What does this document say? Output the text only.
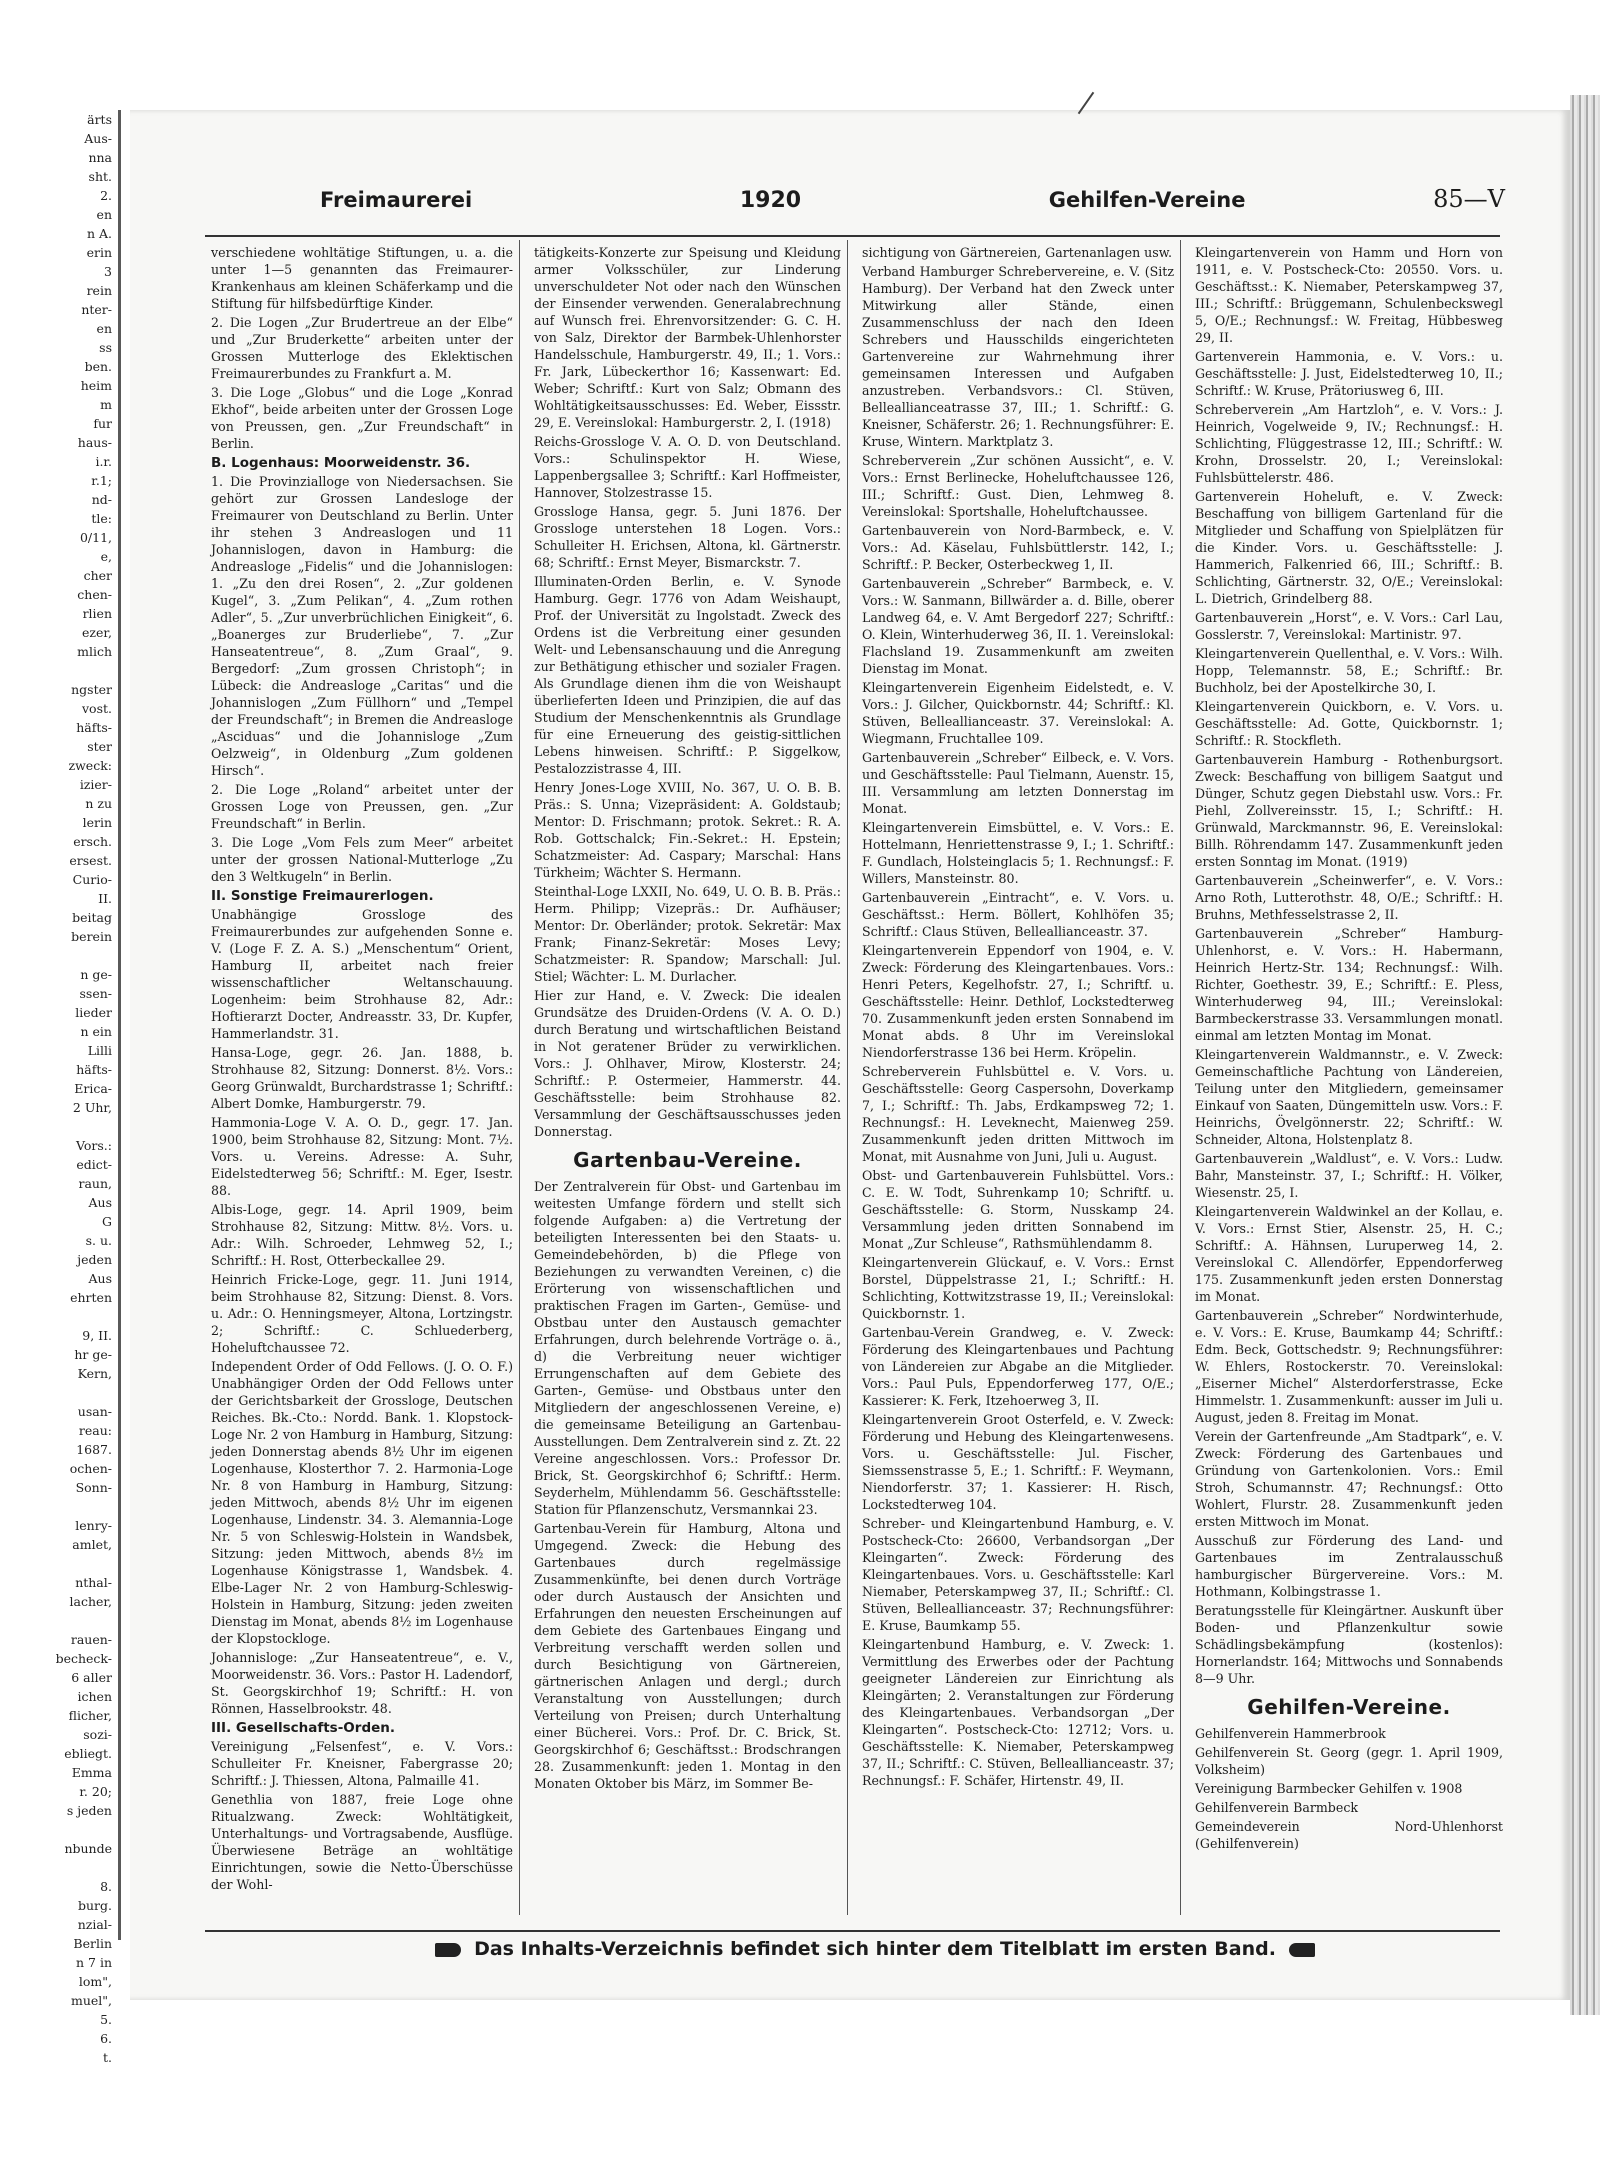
ärts
Aus-
nna
sht.
2.
en
n A.
erin
3
rein
nter-
en
ss
ben.
heim
m
fur
haus-
i.r.
r.1;
nd-
tle:
0/11,
e,
cher
chen-
rlien
ezer,
mlich

ngster
vost.
häfts-
ster
zweck:
izier-
n zu
lerin
ersch.
ersest.
Curio-
II.
beitag
berein

n ge-
ssen-
lieder
n ein
Lilli
häfts-
Erica-
2 Uhr,

Vors.:
edict-
raun,
Aus
G
s. u.
jeden
Aus
ehrten

9, II.
hr ge-
Kern,

usan-
reau:
1687.
ochen-
Sonn-

lenry-
amlet,

nthal-
lacher,

rauen-
becheck-
6 aller
ichen
flicher,
sozi-
ebliegt.
Emma
r. 20;
s jeden

nbunde

8.
burg.
nzial-
Berlin
n 7 in
lom",
muel",
5.
6.
t.
Freimaurerei	1920	Gehilfen-Vereine	85—V

verschiedene wohltätige Stiftungen, u. a. die unter 1—5 genannten das Freimaurer-Krankenhaus am kleinen Schäferkamp und die Stiftung für hilfsbedürftige Kinder.

2. Die Logen „Zur Brudertreue an der Elbe“ und „Zur Bruderkette“ arbeiten unter der Grossen Mutterloge des Eklektischen Freimaurerbundes zu Frankfurt a. M.

3. Die Loge „Globus“ und die Loge „Konrad Ekhof“, beide arbeiten unter der Grossen Loge von Preussen, gen. „Zur Freundschaft“ in Berlin.

B. Logenhaus: Moorweidenstr. 36.

1. Die Provinzialloge von Niedersachsen. Sie gehört zur Grossen Landesloge der Freimaurer von Deutschland zu Berlin. Unter ihr stehen 3 Andreaslogen und 11 Johannislogen, davon in Hamburg: die Andreasloge „Fidelis“ und die Johannislogen: 1. „Zu den drei Rosen“, 2. „Zur goldenen Kugel“, 3. „Zum Pelikan“, 4. „Zum rothen Adler“, 5. „Zur unverbrüchlichen Einigkeit“, 6. „Boanerges zur Bruderliebe“, 7. „Zur Hanseatentreue“, 8. „Zum Graal“, 9. Bergedorf: „Zum grossen Christoph“; in Lübeck: die Andreasloge „Caritas“ und die Johannislogen „Zum Füllhorn“ und „Tempel der Freundschaft“; in Bremen die Andreasloge „Asciduas“ und die Johannisloge „Zum Oelzweig“, in Oldenburg „Zum goldenen Hirsch“.

2. Die Loge „Roland“ arbeitet unter der Grossen Loge von Preussen, gen. „Zur Freundschaft“ in Berlin.

3. Die Loge „Vom Fels zum Meer“ arbeitet unter der grossen National-Mutterloge „Zu den 3 Weltkugeln“ in Berlin.

II. Sonstige Freimaurerlogen.

Unabhängige Grossloge des Freimaurerbundes zur aufgehenden Sonne e. V. (Loge F. Z. A. S.) „Menschentum“ Orient, Hamburg II, arbeitet nach freier wissenschaftlicher Weltanschauung. Logenheim: beim Strohhause 82, Adr.: Hoftierarzt Docter, Andreasstr. 33, Dr. Kupfer, Hammerlandstr. 31.

Hansa-Loge, gegr. 26. Jan. 1888, b. Strohhause 82, Sitzung: Donnerst. 8½. Vors.: Georg Grünwaldt, Burchardstrasse 1; Schriftf.: Albert Domke, Hamburgerstr. 79.

Hammonia-Loge V. A. O. D., gegr. 17. Jan. 1900, beim Strohhause 82, Sitzung: Mont. 7½. Vors. u. Vereins. Adresse: A. Suhr, Eidelstedterweg 56; Schriftf.: M. Eger, Isestr. 88.

Albis-Loge, gegr. 14. April 1909, beim Strohhause 82, Sitzung: Mittw. 8½. Vors. u. Adr.: Wilh. Schroeder, Lehmweg 52, I.; Schriftf.: H. Rost, Otterbeckallee 29.

Heinrich Fricke-Loge, gegr. 11. Juni 1914, beim Strohhause 82, Sitzung: Dienst. 8. Vors. u. Adr.: O. Henningsmeyer, Altona, Lortzingstr. 2; Schriftf.: C. Schluederberg, Hoheluftchaussee 72.

Independent Order of Odd Fellows. (J. O. O. F.) Unabhängiger Orden der Odd Fellows unter der Gerichtsbarkeit der Grossloge, Deutschen Reiches. Bk.-Cto.: Nordd. Bank. 1. Klopstock-Loge Nr. 2 von Hamburg in Hamburg, Sitzung: jeden Donnerstag abends 8½ Uhr im eigenen Logenhause, Klosterthor 7. 2. Harmonia-Loge Nr. 8 von Hamburg in Hamburg, Sitzung: jeden Mittwoch, abends 8½ Uhr im eigenen Logenhause, Lindenstr. 34. 3. Alemannia-Loge Nr. 5 von Schleswig-Holstein in Wandsbek, Sitzung: jeden Mittwoch, abends 8½ im Logenhause Königstrasse 1, Wandsbek. 4. Elbe-Lager Nr. 2 von Hamburg-Schleswig-Holstein in Hamburg, Sitzung: jeden zweiten Dienstag im Monat, abends 8½ im Logenhause der Klopstockloge.

Johannisloge: „Zur Hanseatentreue“, e. V., Moorweidenstr. 36. Vors.: Pastor H. Ladendorf, St. Georgskirchhof 19; Schriftf.: H. von Rönnen, Hasselbrookstr. 48.

III. Gesellschafts-Orden.

Vereinigung „Felsenfest“, e. V. Vors.: Schulleiter Fr. Kneisner, Fabergrasse 20; Schriftf.: J. Thiessen, Altona, Palmaille 41.

Genethlia von 1887, freie Loge ohne Ritualzwang. Zweck: Wohltätigkeit, Unterhaltungs- und Vortragsabende, Ausflüge. Überwiesene Beträge an wohltätige Einrichtungen, sowie die Netto-Überschüsse der Wohl-

tätigkeits-Konzerte zur Speisung und Kleidung armer Volksschüler, zur Linderung unverschuldeter Not oder nach den Wünschen der Einsender verwenden. Generalabrechnung auf Wunsch frei. Ehrenvorsitzender: G. C. H. von Salz, Direktor der Barmbek-Uhlenhorster Handelsschule, Hamburgerstr. 49, II.; 1. Vors.: Fr. Jark, Lübeckerthor 16; Kassenwart: Ed. Weber; Schriftf.: Kurt von Salz; Obmann des Wohltätigkeitsausschusses: Ed. Weber, Eissstr. 29, E. Vereinslokal: Hamburgerstr. 2, I. (1918)

Reichs-Grossloge V. A. O. D. von Deutschland. Vors.: Schulinspektor H. Wiese, Lappenbergsallee 3; Schriftf.: Karl Hoffmeister, Hannover, Stolzestrasse 15.

Grossloge Hansa, gegr. 5. Juni 1876. Der Grossloge unterstehen 18 Logen. Vors.: Schulleiter H. Erichsen, Altona, kl. Gärtnerstr. 68; Schriftf.: Ernst Meyer, Bismarckstr. 7.

Illuminaten-Orden Berlin, e. V. Synode Hamburg. Gegr. 1776 von Adam Weishaupt, Prof. der Universität zu Ingolstadt. Zweck des Ordens ist die Verbreitung einer gesunden Welt- und Lebensanschauung und die Anregung zur Bethätigung ethischer und sozialer Fragen. Als Grundlage dienen ihm die von Weishaupt überlieferten Ideen und Prinzipien, die auf das Studium der Menschenkenntnis als Grundlage für eine Erneuerung des geistig-sittlichen Lebens hinweisen. Schriftf.: P. Siggelkow, Pestalozzistrasse 4, III.

Henry Jones-Loge XVIII, No. 367, U. O. B. B. Präs.: S. Unna; Vizepräsident: A. Goldstaub; Mentor: D. Frischmann; protok. Sekret.: R. A. Rob. Gottschalck; Fin.-Sekret.: H. Epstein; Schatzmeister: Ad. Caspary; Marschal: Hans Türkheim; Wächter S. Hermann.

Steinthal-Loge LXXII, No. 649, U. O. B. B. Präs.: Herm. Philipp; Vizepräs.: Dr. Aufhäuser; Mentor: Dr. Oberländer; protok. Sekretär: Max Frank; Finanz-Sekretär: Moses Levy; Schatzmeister: R. Spandow; Marschall: Jul. Stiel; Wächter: L. M. Durlacher.

Hier zur Hand, e. V. Zweck: Die idealen Grundsätze des Druiden-Ordens (V. A. O. D.) durch Beratung und wirtschaftlichen Beistand in Not geratener Brüder zu verwirklichen. Vors.: J. Ohlhaver, Mirow, Klosterstr. 24; Schriftf.: P. Ostermeier, Hammerstr. 44. Geschäftsstelle: beim Strohhause 82. Versammlung der Geschäftsausschusses jeden Donnerstag.

Gartenbau-Vereine.

Der Zentralverein für Obst- und Gartenbau im weitesten Umfange fördern und stellt sich folgende Aufgaben: a) die Vertretung der beteiligten Interessenten bei den Staats- u. Gemeindebehörden, b) die Pflege von Beziehungen zu verwandten Vereinen, c) die Erörterung von wissenschaftlichen und praktischen Fragen im Garten-, Gemüse- und Obstbau unter den Austausch gemachter Erfahrungen, durch belehrende Vorträge o. ä., d) die Verbreitung neuer wichtiger Errungenschaften auf dem Gebiete des Garten-, Gemüse- und Obstbaus unter den Mitgliedern der angeschlossenen Vereine, e) die gemeinsame Beteiligung an Gartenbau-Ausstellungen. Dem Zentralverein sind z. Zt. 22 Vereine angeschlossen. Vors.: Professor Dr. Brick, St. Georgskirchhof 6; Schriftf.: Herm. Seyderhelm, Mühlendamm 56. Geschäftsstelle: Station für Pflanzenschutz, Versmannkai 23.

Gartenbau-Verein für Hamburg, Altona und Umgegend. Zweck: die Hebung des Gartenbaues durch regelmässige Zusammenkünfte, bei denen durch Vorträge oder durch Austausch der Ansichten und Erfahrungen den neuesten Erscheinungen auf dem Gebiete des Gartenbaues Eingang und Verbreitung verschafft werden sollen und durch Besichtigung von Gärtnereien, gärtnerischen Anlagen und dergl.; durch Veranstaltung von Ausstellungen; durch Verteilung von Preisen; durch Unterhaltung einer Bücherei. Vors.: Prof. Dr. C. Brick, St. Georgskirchhof 6; Geschäftsst.: Brodschrangen 28. Zusammenkunft: jeden 1. Montag in den Monaten Oktober bis März, im Sommer Be-

sichtigung von Gärtnereien, Gartenanlagen usw.

Verband Hamburger Schrebervereine, e. V. (Sitz Hamburg). Der Verband hat den Zweck unter Mitwirkung aller Stände, einen Zusammenschluss der nach den Ideen Schrebers und Hausschilds eingerichteten Gartenvereine zur Wahrnehmung ihrer gemeinsamen Interessen und Aufgaben anzustreben. Verbandsvors.: Cl. Stüven, Belleallianceatrasse 37, III.; 1. Schriftf.: G. Kneisner, Schäferstr. 26; 1. Rechnungsführer: E. Kruse, Wintern. Marktplatz 3.

Schreberverein „Zur schönen Aussicht“, e. V. Vors.: Ernst Berlinecke, Hoheluftchaussee 126, III.; Schriftf.: Gust. Dien, Lehmweg 8. Vereinslokal: Sportshalle, Hoheluftchaussee.

Gartenbauverein von Nord-Barmbeck, e. V. Vors.: Ad. Käselau, Fuhlsbüttlerstr. 142, I.; Schriftf.: P. Becker, Osterbeckweg 1, II.

Gartenbauverein „Schreber“ Barmbeck, e. V. Vors.: W. Sanmann, Billwärder a. d. Bille, oberer Landweg 64, e. V. Amt Bergedorf 227; Schriftf.: O. Klein, Winterhuderweg 36, II. 1. Vereinslokal: Flachsland 19. Zusammenkunft am zweiten Dienstag im Monat.

Kleingartenverein Eigenheim Eidelstedt, e. V. Vors.: J. Gilcher, Quickbornstr. 44; Schriftf.: Kl. Stüven, Belleallianceastr. 37. Vereinslokal: A. Wiegmann, Fruchtallee 109.

Gartenbauverein „Schreber“ Eilbeck, e. V. Vors. und Geschäftsstelle: Paul Tielmann, Auenstr. 15, III. Versammlung am letzten Donnerstag im Monat.

Kleingartenverein Eimsbüttel, e. V. Vors.: E. Hottelmann, Henriettenstrasse 9, I.; 1. Schriftf.: F. Gundlach, Holsteinglacis 5; 1. Rechnungsf.: F. Willers, Mansteinstr. 80.

Gartenbauverein „Eintracht“, e. V. Vors. u. Geschäftsst.: Herm. Böllert, Kohlhöfen 35; Schriftf.: Claus Stüven, Belleallianceastr. 37.

Kleingartenverein Eppendorf von 1904, e. V. Zweck: Förderung des Kleingartenbaues. Vors.: Henri Peters, Kegelhofstr. 27, I.; Schriftf. u. Geschäftsstelle: Heinr. Dethlof, Lockstedterweg 70. Zusammenkunft jeden ersten Sonnabend im Monat abds. 8 Uhr im Vereinslokal Niendorferstrasse 136 bei Herm. Kröpelin.

Schreberverein Fuhlsbüttel e. V. Vors. u. Geschäftsstelle: Georg Caspersohn, Doverkamp 7, I.; Schriftf.: Th. Jabs, Erdkampsweg 72; 1. Rechnungsf.: H. Leveknecht, Maienweg 259. Zusammenkunft jeden dritten Mittwoch im Monat, mit Ausnahme von Juni, Juli u. August.

Obst- und Gartenbauverein Fuhlsbüttel. Vors.: C. E. W. Todt, Suhrenkamp 10; Schriftf. u. Geschäftsstelle: G. Storm, Nusskamp 24. Versammlung jeden dritten Sonnabend im Monat „Zur Schleuse“, Rathsmühlendamm 8.

Kleingartenverein Glückauf, e. V. Vors.: Ernst Borstel, Düppelstrasse 21, I.; Schriftf.: H. Schlichting, Kottwitzstrasse 19, II.; Vereinslokal: Quickbornstr. 1.

Gartenbau-Verein Grandweg, e. V. Zweck: Förderung des Kleingartenbaues und Pachtung von Ländereien zur Abgabe an die Mitglieder. Vors.: Paul Puls, Eppendorferweg 177, O/E.; Kassierer: K. Ferk, Itzehoerweg 3, II.

Kleingartenverein Groot Osterfeld, e. V. Zweck: Förderung und Hebung des Kleingartenwesens. Vors. u. Geschäftsstelle: Jul. Fischer, Siemssenstrasse 5, E.; 1. Schriftf.: F. Weymann, Niendorferstr. 37; 1. Kassierer: H. Risch, Lockstedterweg 104.

Schreber- und Kleingartenbund Hamburg, e. V. Postscheck-Cto: 26600, Verbandsorgan „Der Kleingarten“. Zweck: Förderung des Kleingartenbaues. Vors. u. Geschäftsstelle: Karl Niemaber, Peterskampweg 37, II.; Schriftf.: Cl. Stüven, Belleallianceastr. 37; Rechnungsführer: E. Kruse, Baumkamp 55.

Kleingartenbund Hamburg, e. V. Zweck: 1. Vermittlung des Erwerbes oder der Pachtung geeigneter Ländereien zur Einrichtung als Kleingärten; 2. Veranstaltungen zur Förderung des Kleingartenbaues. Verbandsorgan „Der Kleingarten“. Postscheck-Cto: 12712; Vors. u. Geschäftsstelle: K. Niemaber, Peterskampweg 37, II.; Schriftf.: C. Stüven, Belleallianceastr. 37; Rechnungsf.: F. Schäfer, Hirtenstr. 49, II.

Kleingartenverein von Hamm und Horn von 1911, e. V. Postscheck-Cto: 20550. Vors. u. Geschäftsst.: K. Niemaber, Peterskampweg 37, III.; Schriftf.: Brüggemann, Schulenbeckswegl 5, O/E.; Rechnungsf.: W. Freitag, Hübbesweg 29, II.

Gartenverein Hammonia, e. V. Vors.: u. Geschäftsstelle: J. Just, Eidelstedterweg 10, II.; Schriftf.: W. Kruse, Prätoriusweg 6, III.

Schreberverein „Am Hartzloh“, e. V. Vors.: J. Heinrich, Vogelweide 9, IV.; Rechnungsf.: H. Schlichting, Flüggestrasse 12, III.; Schriftf.: W. Krohn, Drosselstr. 20, I.; Vereinslokal: Fuhlsbüttelerstr. 486.

Gartenverein Hoheluft, e. V. Zweck: Beschaffung von billigem Gartenland für die Mitglieder und Schaffung von Spielplätzen für die Kinder. Vors. u. Geschäftsstelle: J. Hammerich, Falkenried 66, III.; Schriftf.: B. Schlichting, Gärtnerstr. 32, O/E.; Vereinslokal: L. Dietrich, Grindelberg 88.

Gartenbauverein „Horst“, e. V. Vors.: Carl Lau, Gosslerstr. 7, Vereinslokal: Martinistr. 97.

Kleingartenverein Quellenthal, e. V. Vors.: Wilh. Hopp, Telemannstr. 58, E.; Schriftf.: Br. Buchholz, bei der Apostelkirche 30, I.

Kleingartenverein Quickborn, e. V. Vors. u. Geschäftsstelle: Ad. Gotte, Quickbornstr. 1; Schriftf.: R. Stockfleth.

Gartenbauverein Hamburg - Rothenburgsort. Zweck: Beschaffung von billigem Saatgut und Dünger, Schutz gegen Diebstahl usw. Vors.: Fr. Piehl, Zollvereinsstr. 15, I.; Schriftf.: H. Grünwald, Marckmannstr. 96, E. Vereinslokal: Billh. Röhrendamm 147. Zusammenkunft jeden ersten Sonntag im Monat. (1919)

Gartenbauverein „Scheinwerfer“, e. V. Vors.: Arno Roth, Lutterothstr. 48, O/E.; Schriftf.: H. Bruhns, Methfesselstrasse 2, II.

Gartenbauverein „Schreber“ Hamburg-Uhlenhorst, e. V. Vors.: H. Habermann, Heinrich Hertz-Str. 134; Rechnungsf.: Wilh. Richter, Goethestr. 39, E.; Schriftf.: E. Pless, Winterhuderweg 94, III.; Vereinslokal: Barmbeckerstrasse 33. Versammlungen monatl. einmal am letzten Montag im Monat.

Kleingartenverein Waldmannstr., e. V. Zweck: Gemeinschaftliche Pachtung von Ländereien, Teilung unter den Mitgliedern, gemeinsamer Einkauf von Saaten, Düngemitteln usw. Vors.: F. Heinrichs, Övelgönnerstr. 22; Schriftf.: W. Schneider, Altona, Holstenplatz 8.

Gartenbauverein „Waldlust“, e. V. Vors.: Ludw. Bahr, Mansteinstr. 37, I.; Schriftf.: H. Völker, Wiesenstr. 25, I.

Kleingartenverein Waldwinkel an der Kollau, e. V. Vors.: Ernst Stier, Alsenstr. 25, H. C.; Schriftf.: A. Hähnsen, Luruperweg 14, 2. Vereinslokal C. Allendörfer, Eppendorferweg 175. Zusammenkunft jeden ersten Donnerstag im Monat.

Gartenbauverein „Schreber“ Nordwinterhude, e. V. Vors.: E. Kruse, Baumkamp 44; Schriftf.: Edm. Beck, Gottschedstr. 9; Rechnungsführer: W. Ehlers, Rostockerstr. 70. Vereinslokal: „Eiserner Michel“ Alsterdorferstrasse, Ecke Himmelstr. 1. Zusammenkunft: ausser im Juli u. August, jeden 8. Freitag im Monat.

Verein der Gartenfreunde „Am Stadtpark“, e. V. Zweck: Förderung des Gartenbaues und Gründung von Gartenkolonien. Vors.: Emil Stroh, Schumannstr. 47; Rechnungsf.: Otto Wohlert, Flurstr. 28. Zusammenkunft jeden ersten Mittwoch im Monat.

Ausschuß zur Förderung des Land- und Gartenbaues im Zentralausschuß hamburgischer Bürgervereine. Vors.: M. Hothmann, Kolbingstrasse 1.

Beratungsstelle für Kleingärtner. Auskunft über Boden- und Pflanzenkultur sowie Schädlingsbekämpfung (kostenlos): Hornerlandstr. 164; Mittwochs und Sonnabends 8—9 Uhr.

Gehilfen-Vereine.

Gehilfenverein Hammerbrook

Gehilfenverein St. Georg (gegr. 1. April 1909, Volksheim)

Vereinigung Barmbecker Gehilfen v. 1908

Gehilfenverein Barmbeck

Gemeindeverein Nord-Uhlenhorst (Gehilfenverein)

Das Inhalts-Verzeichnis befindet sich hinter dem Titelblatt im ersten Band.
